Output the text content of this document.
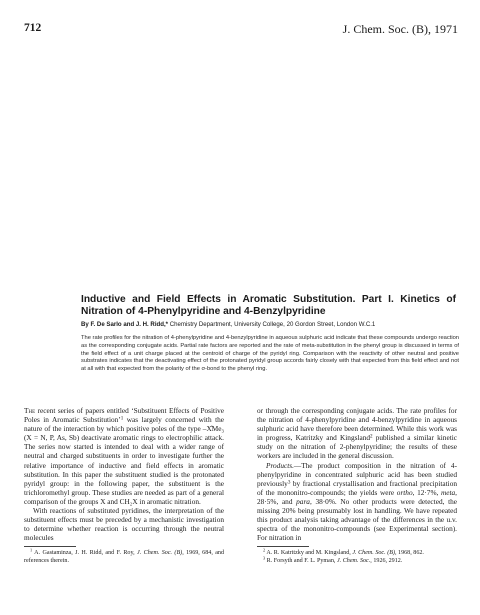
712	J. Chem. Soc. (B), 1971
Inductive and Field Effects in Aromatic Substitution. Part I. Kinetics of Nitration of 4-Phenylpyridine and 4-Benzylpyridine
By F. De Sarlo and J. H. Ridd,* Chemistry Department, University College, 20 Gordon Street, London W.C.1
The rate profiles for the nitration of 4-phenylpyridine and 4-benzylpyridine in aqueous sulphuric acid indicate that these compounds undergo reaction as the corresponding conjugate acids. Partial rate factors are reported and the rate of meta-substitution in the phenyl group is discussed in terms of the field effect of a unit charge placed at the centroid of charge of the pyridyl ring. Comparison with the reactivity of other neutral and positive substrates indicates that the deactivating effect of the protonated pyridyl group accords fairly closely with that expected from this field effect and not at all with that expected from the polarity of the σ-bond to the phenyl ring.

The recent series of papers entitled ‘Substituent Effects of Positive Poles in Aromatic Substitution’$^1$ was largely concerned with the nature of the interaction by which positive poles of the type ‒X̊Me₃ (X = N, P, As, Sb) deactivate aromatic rings to electrophilic attack. The series now started is intended to deal with a wider range of neutral and charged substituents in order to investigate further the relative importance of inductive and field effects in aromatic substitution. In this paper the substituent studied is the protonated pyridyl group: in the following paper, the substituent is the trichloromethyl group. These studies are needed as part of a general comparison of the groups X and CH₂X in aromatic nitration.

With reactions of substituted pyridines, the interpretation of the substituent effects must be preceded by a mechanistic investigation to determine whether reaction is occurring through the neutral molecules

$^1$ A. Gastaminza, J. H. Ridd, and F. Roy, J. Chem. Soc. (B), 1969, 684, and references therein.

or through the corresponding conjugate acids. The rate profiles for the nitration of 4-phenylpyridine and 4-benzylpyridine in aqueous sulphuric acid have therefore been determined. While this work was in progress, Katritzky and Kingsland$^2$ published a similar kinetic study on the nitration of 2-phenylpyridine; the results of these workers are included in the general discussion.

Products.—The product composition in the nitration of 4-phenylpyridine in concentrated sulphuric acid has been studied previously$^3$ by fractional crystallisation and fractional precipitation of the mononitro-compounds; the yields were ortho, 12·7%, meta, 28·5%, and para, 38·0%. No other products were detected, the missing 20% being presumably lost in handling. We have repeated this product analysis taking advantage of the differences in the u.v. spectra of the mononitro-compounds (see Experimental section). For nitration in

$^2$ A. R. Katritzky and M. Kingsland, J. Chem. Soc. (B), 1968, 862.

$^3$ R. Forsyth and F. L. Pyman, J. Chem. Soc., 1926, 2912.
